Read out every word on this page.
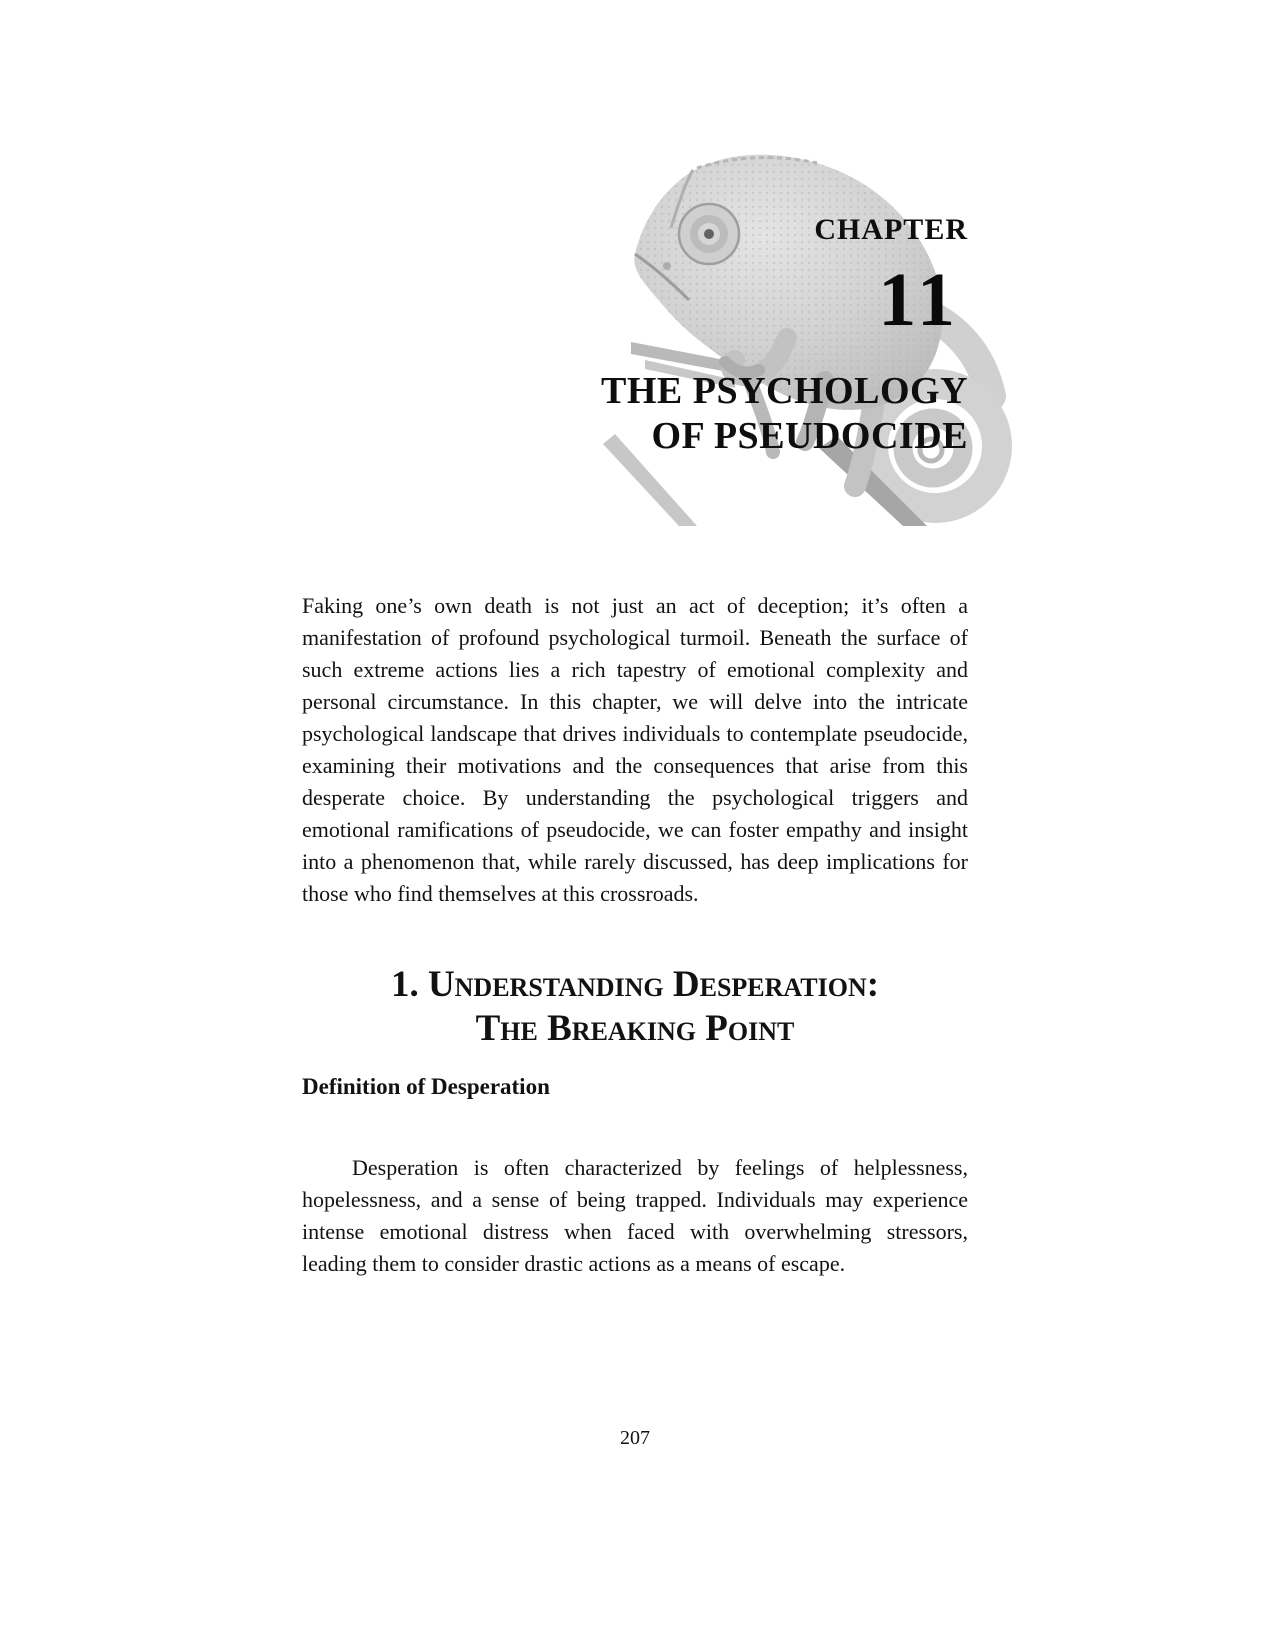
CHAPTER
11
THE PSYCHOLOGY
OF PSEUDOCIDE

Faking one’s own death is not just an act of deception; it’s often a manifestation of profound psychological turmoil. Beneath the surface of such extreme actions lies a rich tapestry of emotional complexity and personal circumstance. In this chapter, we will delve into the intricate psychological landscape that drives individuals to contemplate pseudocide, examining their motivations and the consequences that arise from this desperate choice. By understanding the psychological triggers and emotional ramifications of pseudocide, we can foster empathy and insight into a phenomenon that, while rarely discussed, has deep implications for those who find themselves at this crossroads.

1. Understanding Desperation:
The Breaking Point
Definition of Desperation

Desperation is often characterized by feelings of helplessness, hopelessness, and a sense of being trapped. Individuals may experience intense emotional distress when faced with overwhelming stressors, leading them to consider drastic actions as a means of escape.

207
